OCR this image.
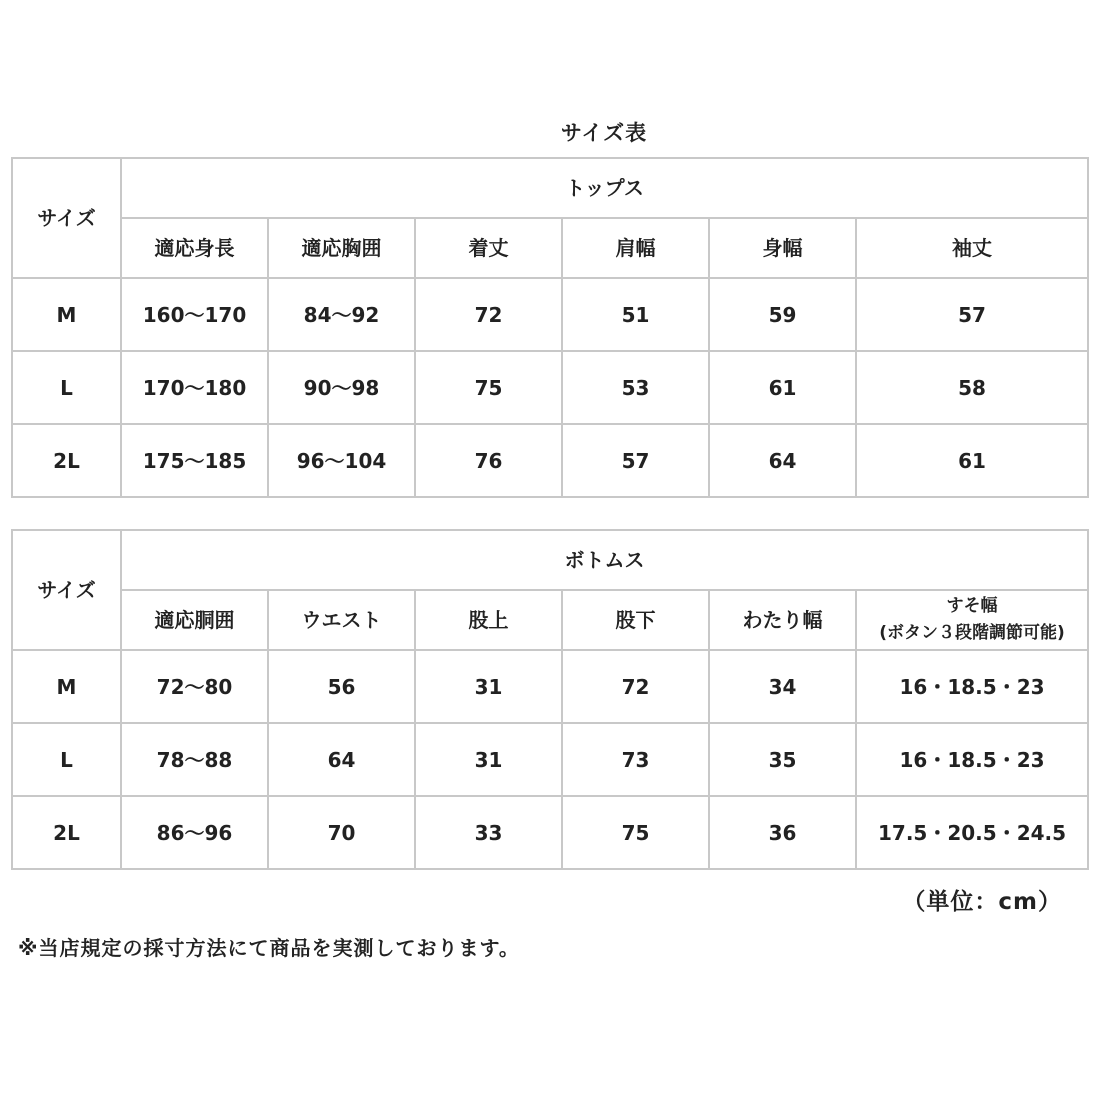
サイズ表
サイズ	トップス					
	適応身長	適応胸囲	着丈	肩幅	身幅	袖丈
M	160〜170	84〜92	72	51	59	57
L	170〜180	90〜98	75	53	61	58
2L	175〜185	96〜104	76	57	64	61
サイズ	ボトムス					
	適応胴囲	ウエスト	股上	股下	わたり幅	すそ幅
(ボタン３段階調節可能)

M	72〜80	56	31	72	34	16・18.5・23
L	78〜88	64	31	73	35	16・18.5・23
2L	86〜96	70	33	75	36	17.5・20.5・24.5
（単位：cm）
※当店規定の採寸方法にて商品を実測しております。
